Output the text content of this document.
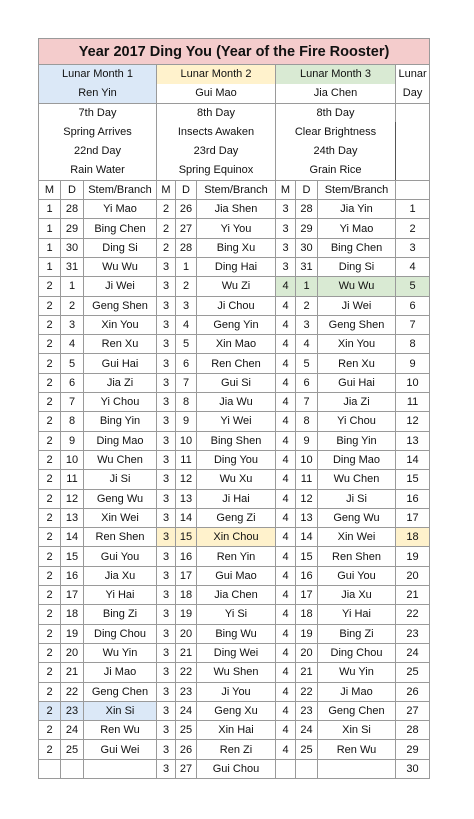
Year 2017 Ding You (Year of the Fire Rooster)									
Lunar Month 1			Lunar Month 2			Lunar Month 3			Lunar
Ren Yin			Gui Mao			Jia Chen			Day
7th Day			8th Day			8th Day			
Spring Arrives			Insects Awaken			Clear Brightness			
22nd Day			23rd Day			24th Day			
Rain Water			Spring Equinox			Grain Rice			
M	D	Stem/Branch	M	D	Stem/Branch	M	D	Stem/Branch	
1	28	Yi Mao	2	26	Jia Shen	3	28	Jia Yin	1
1	29	Bing Chen	2	27	Yi You	3	29	Yi Mao	2
1	30	Ding Si	2	28	Bing Xu	3	30	Bing Chen	3
1	31	Wu Wu	3	1	Ding Hai	3	31	Ding Si	4
2	1	Ji Wei	3	2	Wu Zi	4	1	Wu Wu	5
2	2	Geng Shen	3	3	Ji Chou	4	2	Ji Wei	6
2	3	Xin You	3	4	Geng Yin	4	3	Geng Shen	7
2	4	Ren Xu	3	5	Xin Mao	4	4	Xin You	8
2	5	Gui Hai	3	6	Ren Chen	4	5	Ren Xu	9
2	6	Jia Zi	3	7	Gui Si	4	6	Gui Hai	10
2	7	Yi Chou	3	8	Jia Wu	4	7	Jia Zi	11
2	8	Bing Yin	3	9	Yi Wei	4	8	Yi Chou	12
2	9	Ding Mao	3	10	Bing Shen	4	9	Bing Yin	13
2	10	Wu Chen	3	11	Ding You	4	10	Ding Mao	14
2	11	Ji Si	3	12	Wu Xu	4	11	Wu Chen	15
2	12	Geng Wu	3	13	Ji Hai	4	12	Ji Si	16
2	13	Xin Wei	3	14	Geng Zi	4	13	Geng Wu	17
2	14	Ren Shen	3	15	Xin Chou	4	14	Xin Wei	18
2	15	Gui You	3	16	Ren Yin	4	15	Ren Shen	19
2	16	Jia Xu	3	17	Gui Mao	4	16	Gui You	20
2	17	Yi Hai	3	18	Jia Chen	4	17	Jia Xu	21
2	18	Bing Zi	3	19	Yi Si	4	18	Yi Hai	22
2	19	Ding Chou	3	20	Bing Wu	4	19	Bing Zi	23
2	20	Wu Yin	3	21	Ding Wei	4	20	Ding Chou	24
2	21	Ji Mao	3	22	Wu Shen	4	21	Wu Yin	25
2	22	Geng Chen	3	23	Ji You	4	22	Ji Mao	26
2	23	Xin Si	3	24	Geng Xu	4	23	Geng Chen	27
2	24	Ren Wu	3	25	Xin Hai	4	24	Xin Si	28
2	25	Gui Wei	3	26	Ren Zi	4	25	Ren Wu	29
			3	27	Gui Chou				30
